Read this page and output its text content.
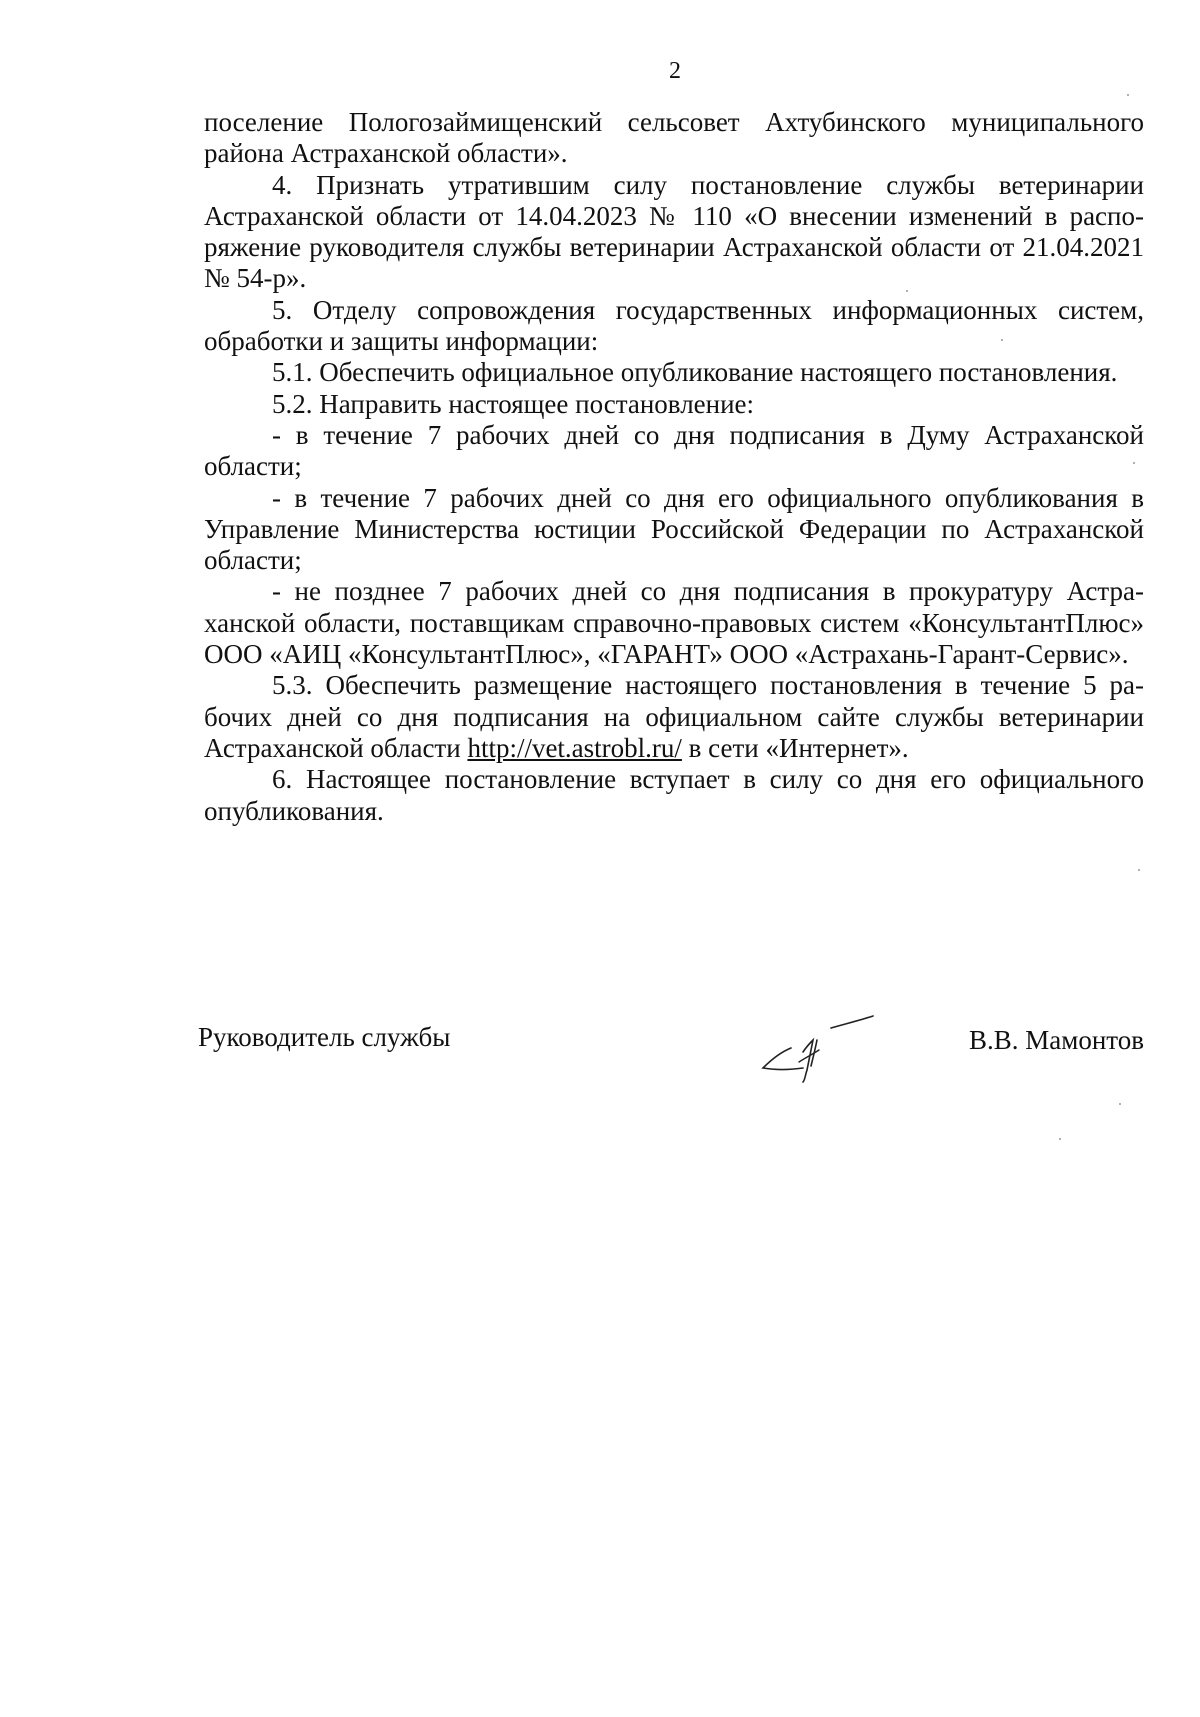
2

поселение Пологозаймищенский сельсовет Ахтубинского муниципального района Астраханской области».

4. Признать утратившим силу постановление службы ветеринарии Астраханской области от 14.04.2023 № 110 «О внесении изменений в распоряжение руководителя службы ветеринарии Астраханской области от 21.04.2021 № 54-р».

5. Отделу сопровождения государственных информационных систем, обработки и защиты информации:

5.1. Обеспечить официальное опубликование настоящего постановления.

5.2. Направить настоящее постановление:

- в течение 7 рабочих дней со дня подписания в Думу Астраханской области;

- в течение 7 рабочих дней со дня его официального опубликования в Управление Министерства юстиции Российской Федерации по Астраханской области;

- не позднее 7 рабочих дней со дня подписания в прокуратуру Астраханской области, поставщикам справочно-правовых систем «КонсультантПлюс» ООО «АИЦ «КонсультантПлюс», «ГАРАНТ» ООО «Астрахань-Гарант-Сервис».

5.3. Обеспечить размещение настоящего постановления в течение 5 рабочих дней со дня подписания на официальном сайте службы ветеринарии Астраханской области http://vet.astrobl.ru/ в сети «Интернет».

6. Настоящее постановление вступает в силу со дня его официального опубликования.

Руководитель службы	В.В. Мамонтов
